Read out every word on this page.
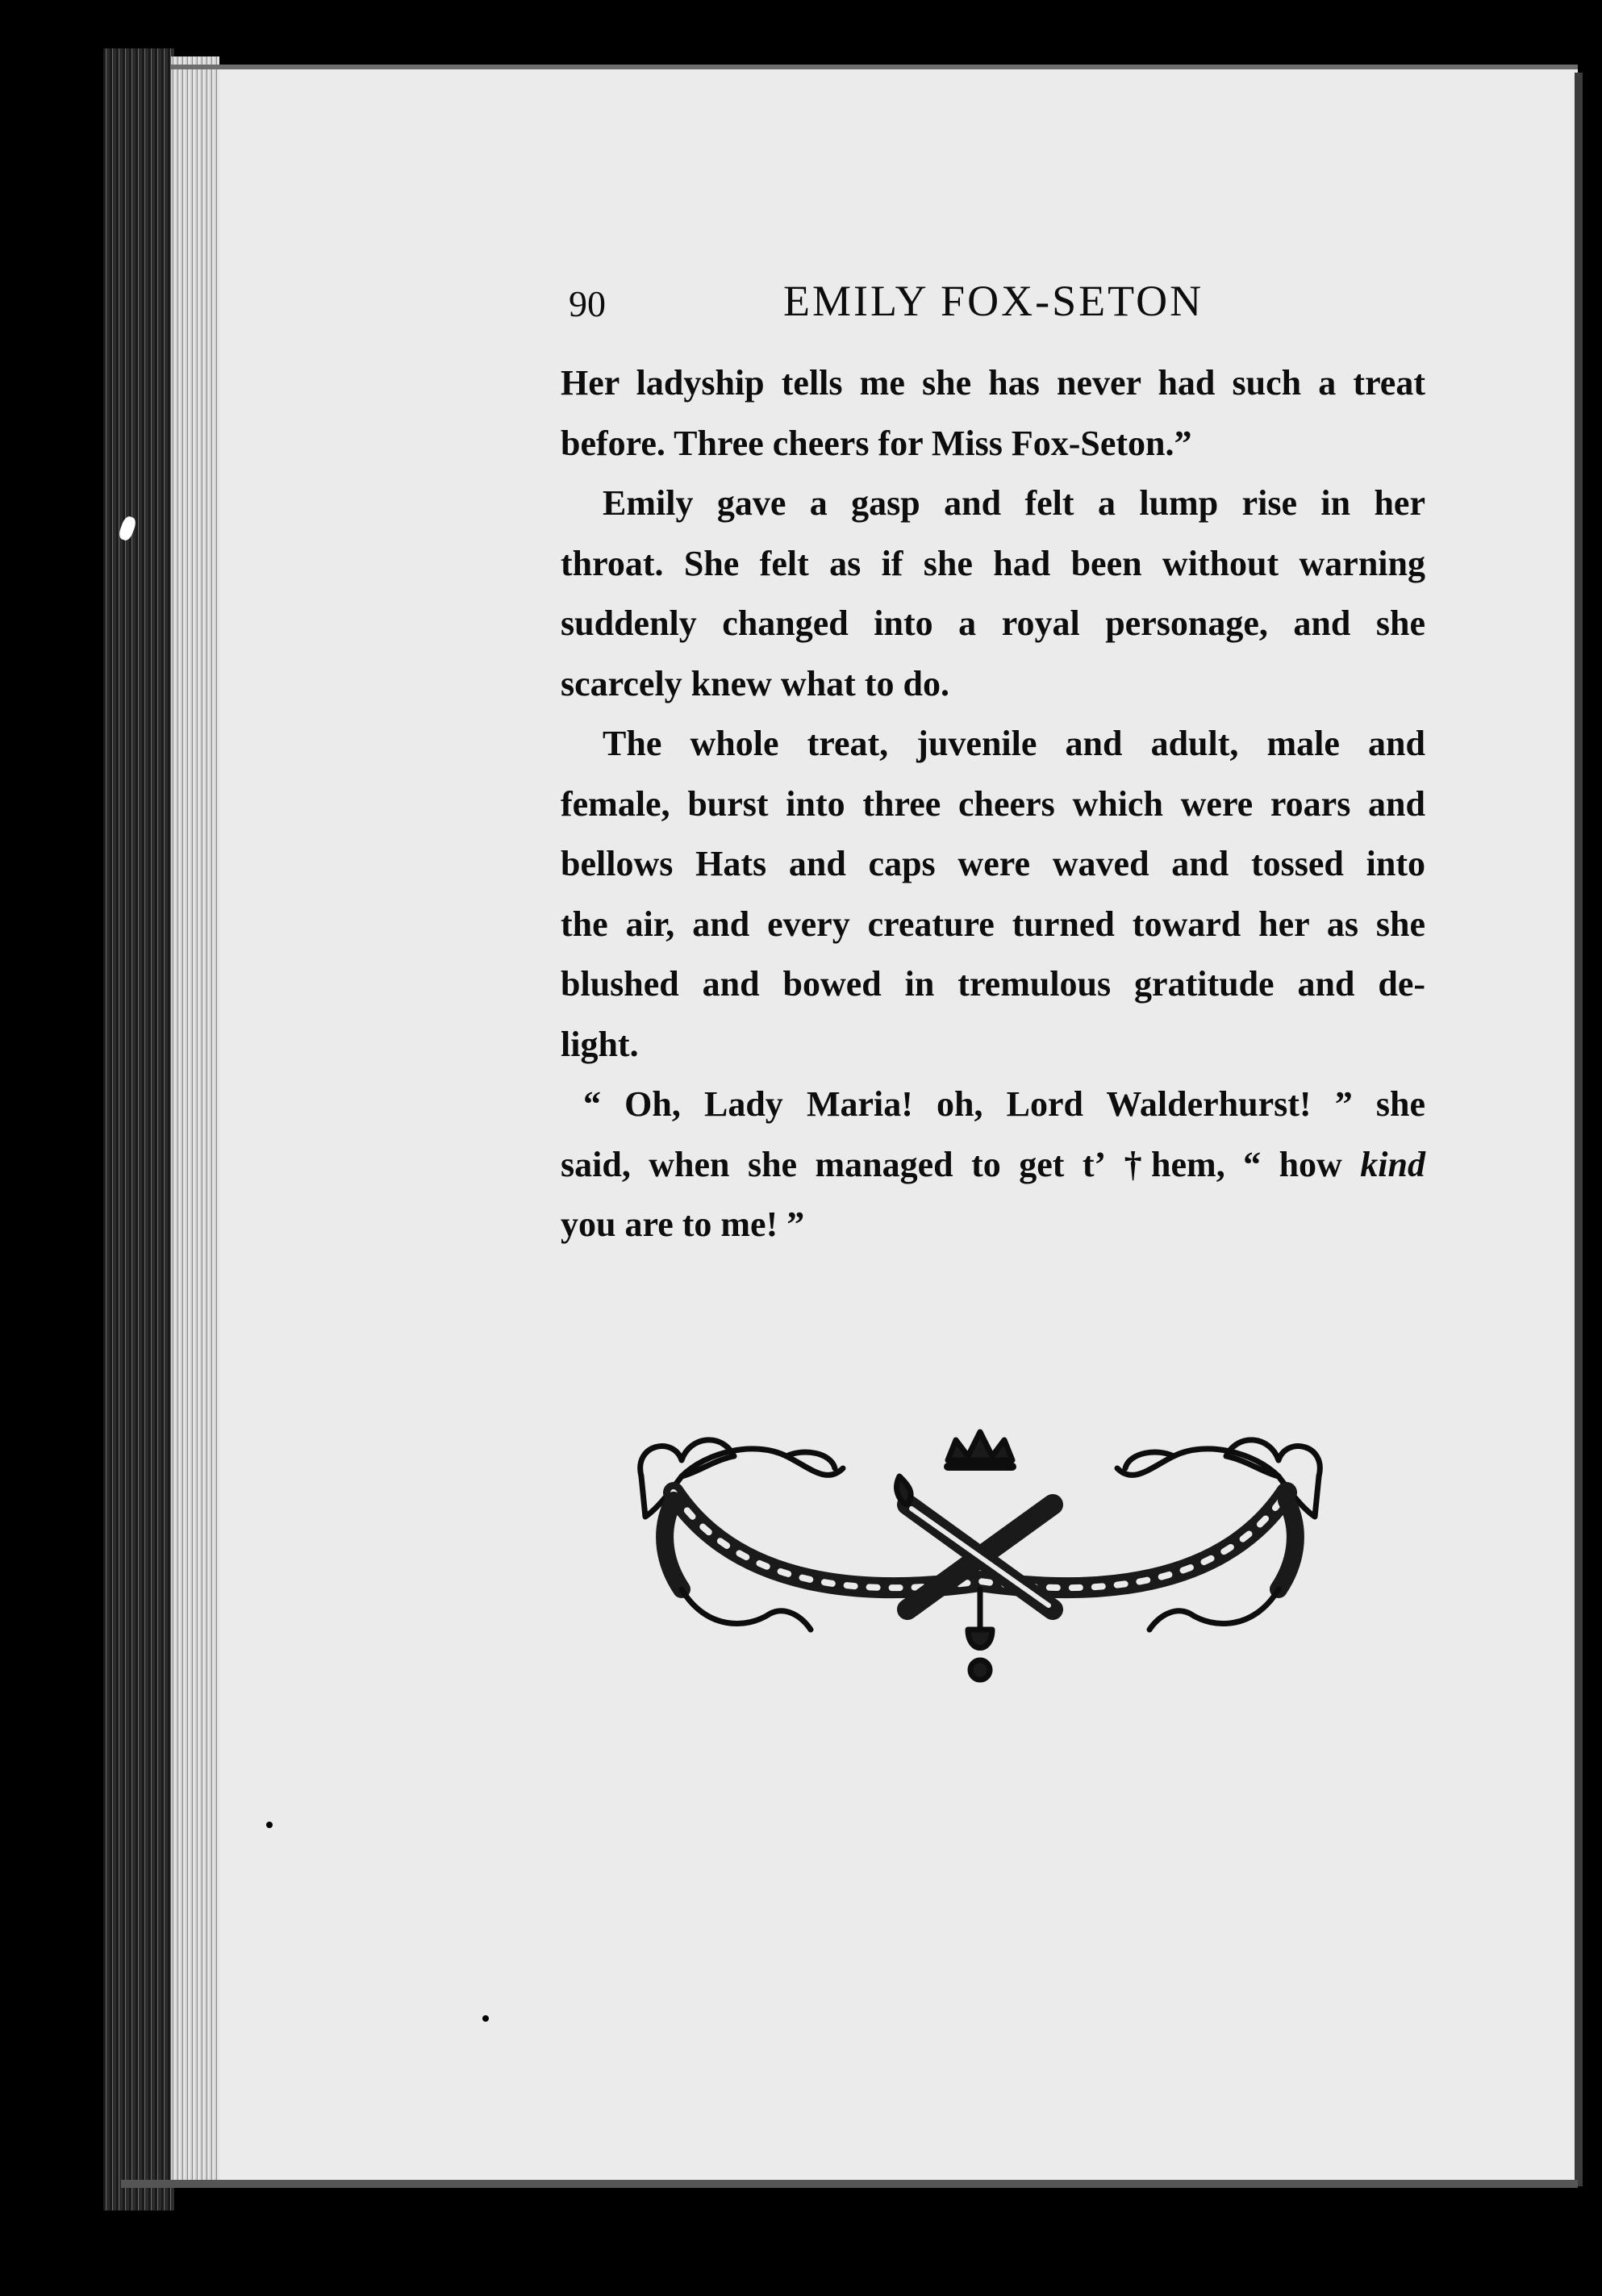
90	EMILY FOX-SETON

Her ladyship tells me she has never had such a treat
before. Three cheers for Miss Fox-Seton.”

Emily gave a gasp and felt a lump rise in her
throat. She felt as if she had been without warning
suddenly changed into a royal personage, and she
scarcely knew what to do.

The whole treat, juvenile and adult, male and
female, burst into three cheers which were roars and
bellows Hats and caps were waved and tossed into
the air, and every creature turned toward her as she
blushed and bowed in tremulous gratitude and de-
light.

“ Oh, Lady Maria! oh, Lord Walderhurst! ” she
said, when she managed to get tʼ †hem, “ how kind
you are to me! ”
